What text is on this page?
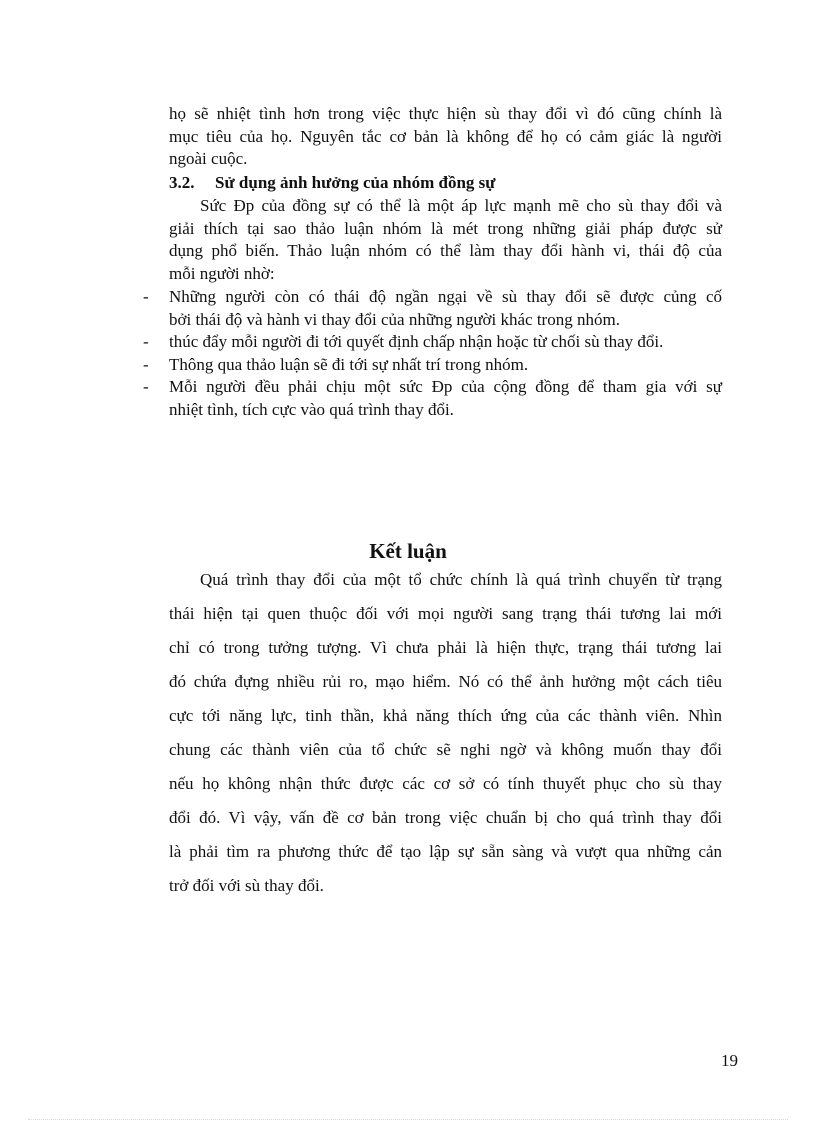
họ sẽ nhiệt tình hơn trong việc thực hiện sù thay đổi vì đó cũng chính là
mục tiêu của họ. Nguyên tắc cơ bản là không để họ có cảm giác là người
ngoài cuộc.
3.2. Sử dụng ảnh hưởng của nhóm đồng sự
Sức Đp của đồng sự có thể là một áp lực mạnh mẽ cho sù thay đổi và
giải thích tại sao thảo luận nhóm là mét trong những giải pháp được sử
dụng phổ biến. Thảo luận nhóm có thể làm thay đổi hành vi, thái độ của
mỗi người nhờ:
- Những người còn có thái độ ngần ngại về sù thay đổi sẽ được củng cố
bởi thái độ và hành vi thay đổi của những người khác trong nhóm.
- thúc đẩy mỗi người đi tới quyết định chấp nhận hoặc từ chối sù thay đổi.
- Thông qua thảo luận sẽ đi tới sự nhất trí trong nhóm.
- Mỗi người đều phải chịu một sức Đp của cộng đồng để tham gia với sự
nhiệt tình, tích cực vào quá trình thay đổi.
Kết luận
Quá trình thay đổi của một tổ chức chính là quá trình chuyển từ trạng
thái hiện tại quen thuộc đối với mọi người sang trạng thái tương lai mới
chỉ có trong tưởng tượng. Vì chưa phải là hiện thực, trạng thái tương lai
đó chứa đựng nhiều rủi ro, mạo hiểm. Nó có thể ảnh hưởng một cách tiêu
cực tới năng lực, tinh thần, khả năng thích ứng của các thành viên. Nhìn
chung các thành viên của tổ chức sẽ nghi ngờ và không muốn thay đổi
nếu họ không nhận thức được các cơ sở có tính thuyết phục cho sù thay
đổi đó. Vì vậy, vấn đề cơ bản trong việc chuẩn bị cho quá trình thay đổi
là phải tìm ra phương thức để tạo lập sự sẵn sàng và vượt qua những cản
trở đối với sù thay đổi.
19
